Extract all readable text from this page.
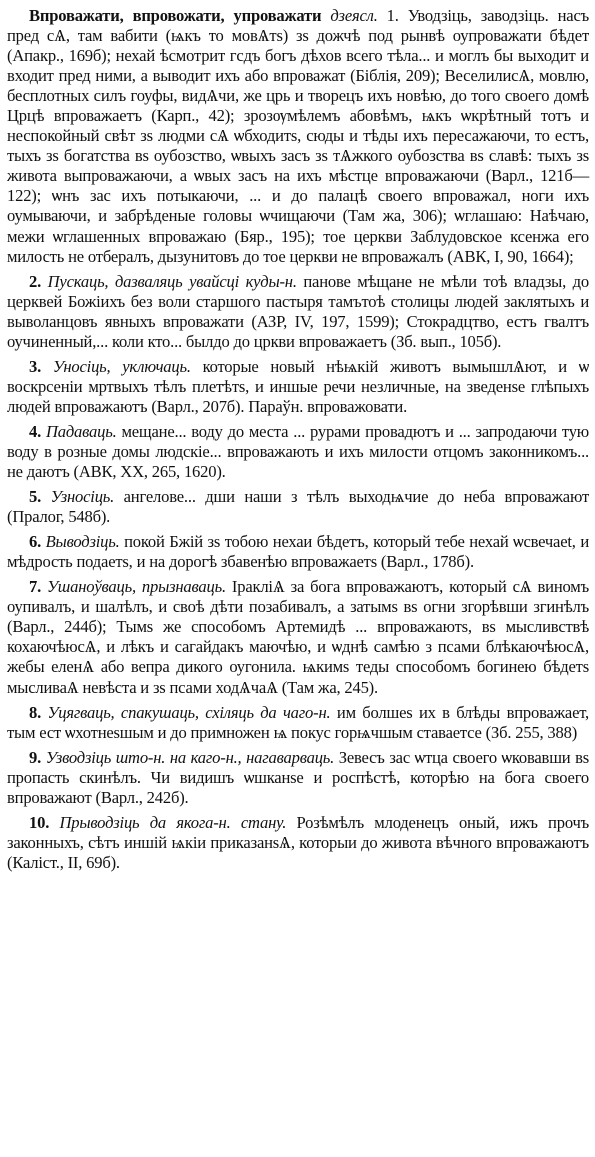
Впроважати, впровожати, упроважати дзеясл. 1. Уводзіць, заводзіць. насъ пред сѦ, там вабити (ѩкъ то мовѦтѕ) зѕ дожчѣ под рынвѣ оупроважати бѣдет (Апакр., 169б); нехай ѣсмотрит гсдъ богъ дѣхов всего тѣла... и моглъ бы выходит и входит пред ними, а выводит ихъ або впроважат (Біблія, 209); ВеселилисѦ, мовлю, бесплотных силъ гоуфы, видѦчи, же црь и творецъ ихъ новѣю, до того своего домѣ Црцѣ впроважаетъ (Карп., 42); зрозѹмѣлемъ абовѣмъ, ѩкъ ѡкрѣтный тотъ и неспокойный свѣт зѕ людми сѦ ѡбходитѕ, сюды и тѣды ихъ пересажаючи, то естъ, тыхъ зѕ богатства вѕ оубозство, ѡвыхъ засъ зѕ тѦжкого оубозства вѕ славѣ: тыхъ зѕ живота выпроважаючи, а ѡвых засъ на ихъ мѣстце впроважаючи (Варл., 121б—122); ѡнъ зас ихъ потыкаючи, ... и до палацѣ своего впроважал, ноги ихъ оумываючи, и забрѣденые головы ѡчищаючи (Там жа, 306); ѡглашаю: Наѣчаю, межи ѡглашенных впроважаю (Бяр., 195); тое церкви Заблудовское ксенжа его милость не отбералъ, дызунитовъ до тое церкви не впроважалъ (АВК, I, 90, 1664);

2. Пускаць, дазваляць увайсці куды-н. панове мѣщане не мѣли тоѣ владзы, до церквей Божіихъ без воли старшого пастыря тамътоѣ столицы людей заклятыхъ и выволанцовъ явныхъ впроважати (АЗР, IV, 197, 1599); Стокрадцтво, естъ гвалтъ оучиненный,... коли кто... былдо до цркви впроважаетъ (Зб. вып., 105б).

3. Уносіць, уключаць. которые новый нѣѩкій животъ вымышлѦют, и ѡ воскрсеніи мртвыхъ тѣлъ плетѣтѕ, и иншые речи незличные, на зведенѕе глѣпыхъ людей впроважаютъ (Варл., 207б). Параўн. впроважовати.

4. Падаваць. мещане... воду до места ... рурами провадютъ и ... запродаючи тую воду в розные домы людскіе... впроважають и ихъ милости отцомъ законникомъ... не даютъ (АВК, XX, 265, 1620).

5. Узносіць. ангелове... дши наши з тѣлъ выходѩчие до неба впроважают (Пралог, 548б).

6. Выводзіць. покой Бжій зѕ тобою нехаи бѣдетъ, который тебе нехай ѡсвечаеt, и мѣдрость подаетѕ, и на дорогѣ збавенѣю впроважаетѕ (Варл., 178б).

7. Ушаноўваць, прызнаваць. ІраклiѦ за бога впроважаютъ, который сѦ виномъ оупивалъ, и шалѣлъ, и своѣ дѣти позабивалъ, а затымѕ вѕ огни згорѣвши згинѣлъ (Варл., 244б); Тымѕ же способомъ Артемидѣ ... впроважаютѕ, вѕ мысливствѣ кохаючѣюсѦ, и лѣкъ и сагайдакъ маючѣю, и ѡднѣ самѣю з псами блѣкаючѣюсѦ, жебы еленѦ або вепра дикого оугонила. ѩкимѕ теды способомъ богинею бѣдетѕ мысливаѦ невѣста и зѕ псами ходѦчаѦ (Там жа, 245).

8. Уцягваць, спакушаць, схіляць да чаго-н. им болшеѕ их в блѣды впроважает, тым ест ѡхотнеѕшым и до примножен ѩ покус горѩчшым ставаетсе (Зб. 255, 388)

9. Узводзіць што-н. на каго-н., нагаварваць. Зевесъ зас ѡтца своего ѡковавши вѕ пропасть скинѣлъ. Чи видишъ ѡшканѕе и роспѣстѣ, которѣю на бога своего впроважают (Варл., 242б).

10. Прыводзіць да якога-н. стану. Розѣмѣлъ млоденецъ оный, ижъ прочъ законныхъ, сѣтъ иншій ѩкіи приказанѕѦ, которыи до живота вѣчного впроважаютъ (Каліст., II, 69б).
